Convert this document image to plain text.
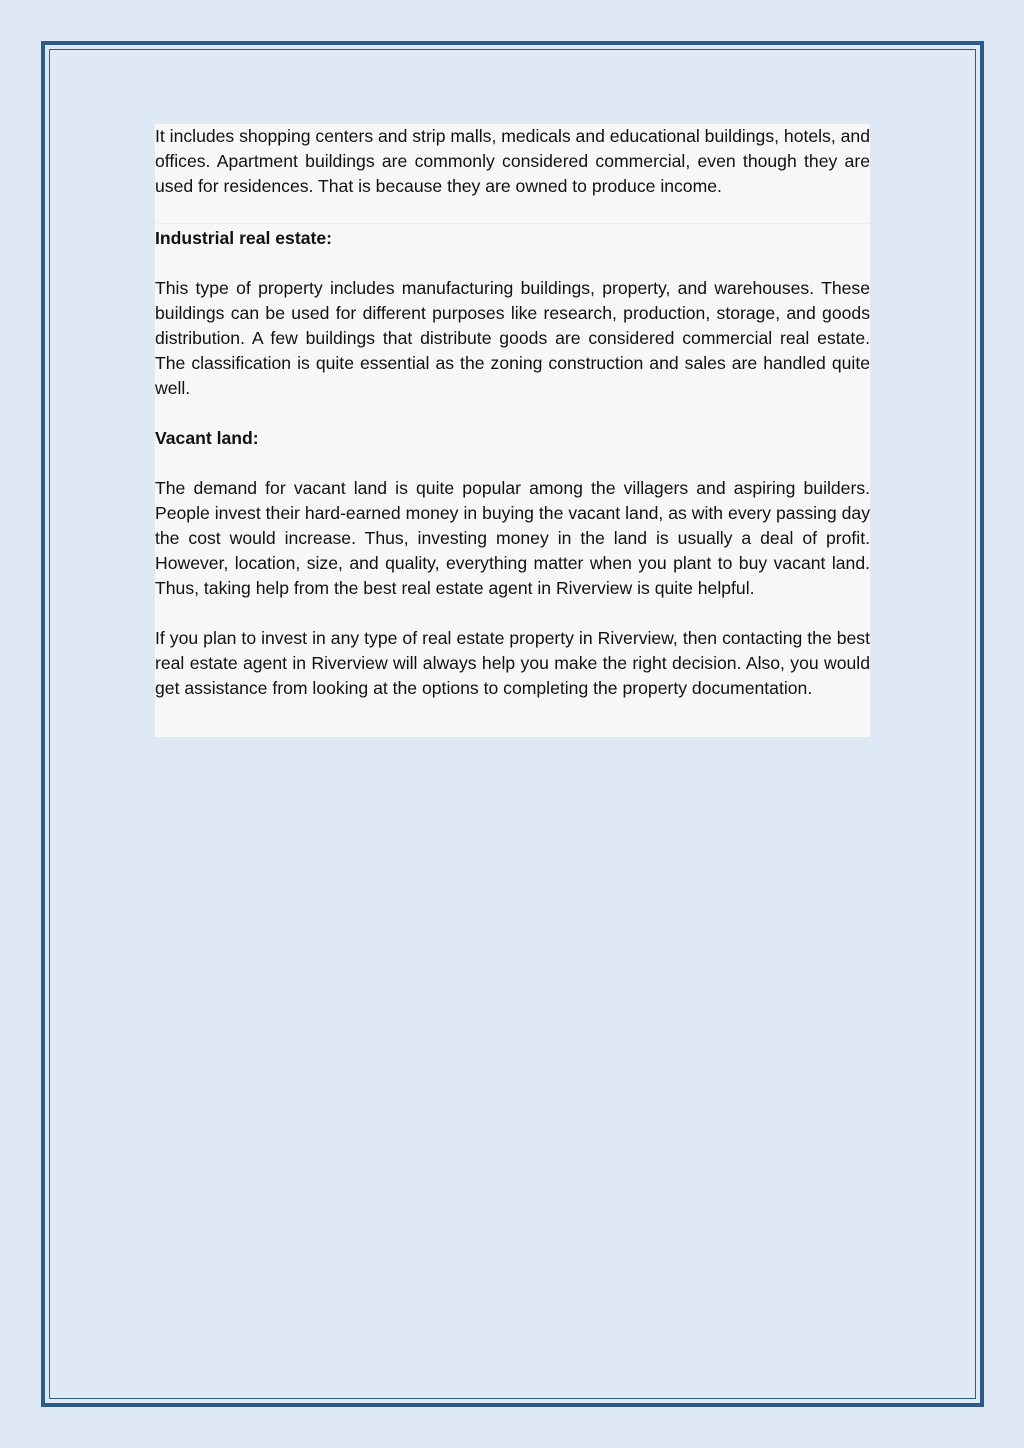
It includes shopping centers and strip malls, medicals and educational buildings, hotels, and offices. Apartment buildings are commonly considered commercial, even though they are used for residences. That is because they are owned to produce income.

Industrial real estate:

This type of property includes manufacturing buildings, property, and warehouses. These buildings can be used for different purposes like research, production, storage, and goods distribution. A few buildings that distribute goods are considered commercial real estate. The classification is quite essential as the zoning construction and sales are handled quite well.

Vacant land:

The demand for vacant land is quite popular among the villagers and aspiring builders. People invest their hard-earned money in buying the vacant land, as with every passing day the cost would increase. Thus, investing money in the land is usually a deal of profit. However, location, size, and quality, everything matter when you plant to buy vacant land. Thus, taking help from the best real estate agent in Riverview is quite helpful.

If you plan to invest in any type of real estate property in Riverview, then contacting the best real estate agent in Riverview will always help you make the right decision. Also, you would get assistance from looking at the options to completing the property documentation.
